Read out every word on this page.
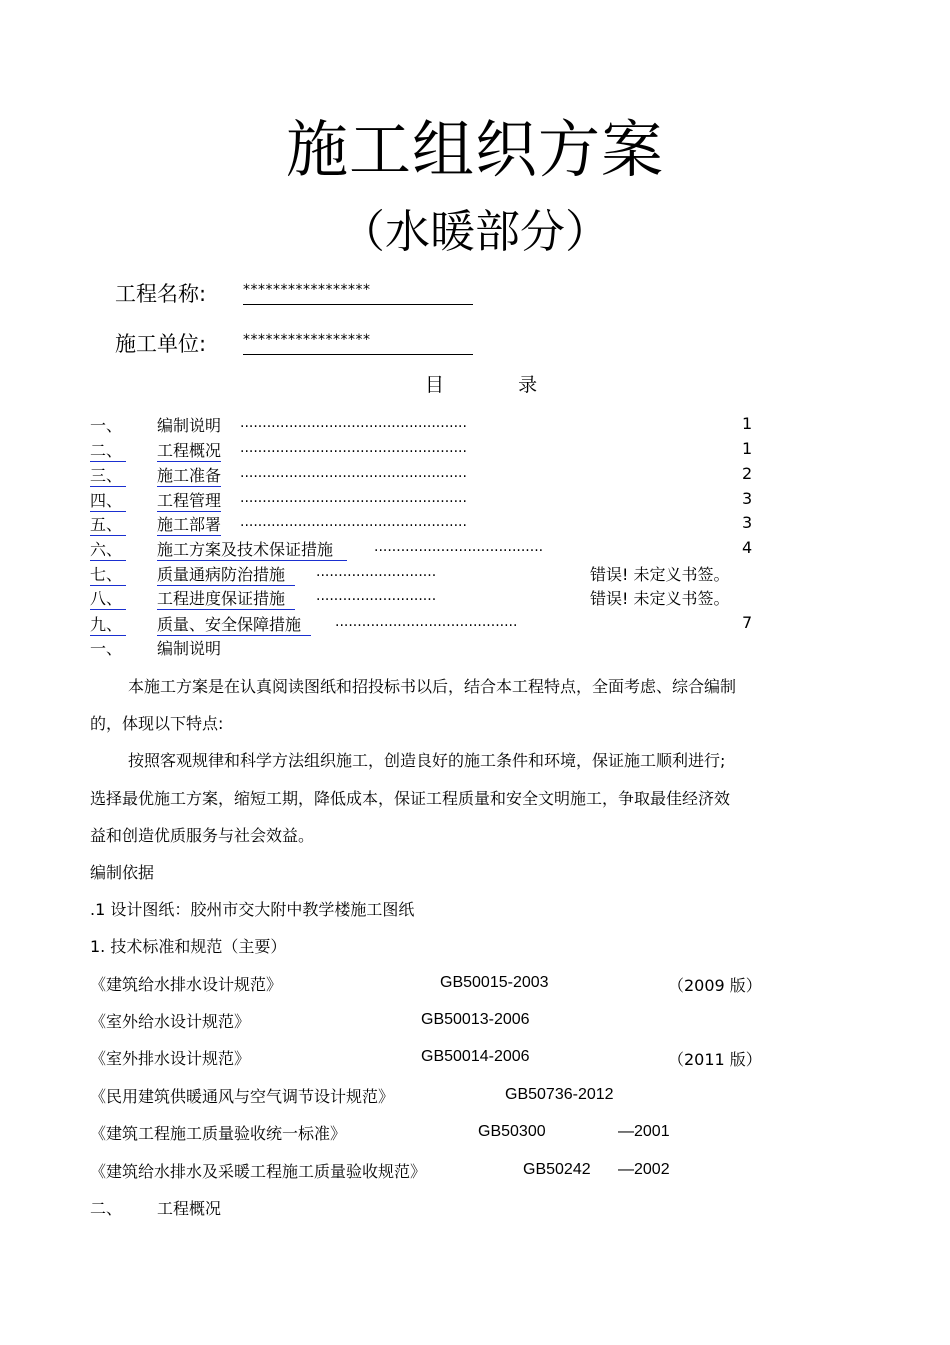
施工组织方案
（水暖部分）
工程名称:	*****************
施工单位:	*****************
目	录
一、 编制说明 ...................................................	1
二、 工程概况 ...................................................	1
三、 施工准备 ...................................................	2
四、 工程管理 ...................................................	3
五、 施工部署 ...................................................	3
六、 施工方案及技术保证措施	......................................	4
七、 质量通病防治措施	...........................	错误! 未定义书签。
八、 工程进度保证措施	...........................	错误! 未定义书签。
九、 质量、安全保障措施	.........................................	7
一、 编制说明
本施工方案是在认真阅读图纸和招投标书以后，结合本工程特点，全面考虑、综合编制
的，体现以下特点:
按照客观规律和科学方法组织施工，创造良好的施工条件和环境，保证施工顺利进行;
选择最优施工方案，缩短工期，降低成本，保证工程质量和安全文明施工，争取最佳经济效
益和创造优质服务与社会效益。
编制依据
.1 设计图纸：胶州市交大附中教学楼施工图纸
1. 技术标准和规范（主要）
《建筑给水排水设计规范》	GB50015-2003	（2009 版）
《室外给水设计规范》	GB50013-2006
《室外排水设计规范》	GB50014-2006	（2011 版）
《民用建筑供暖通风与空气调节设计规范》	GB50736-2012
《建筑工程施工质量验收统一标准》	GB50300	—2001
《建筑给水排水及采暖工程施工质量验收规范》	GB50242 —2002
二、 工程概况
